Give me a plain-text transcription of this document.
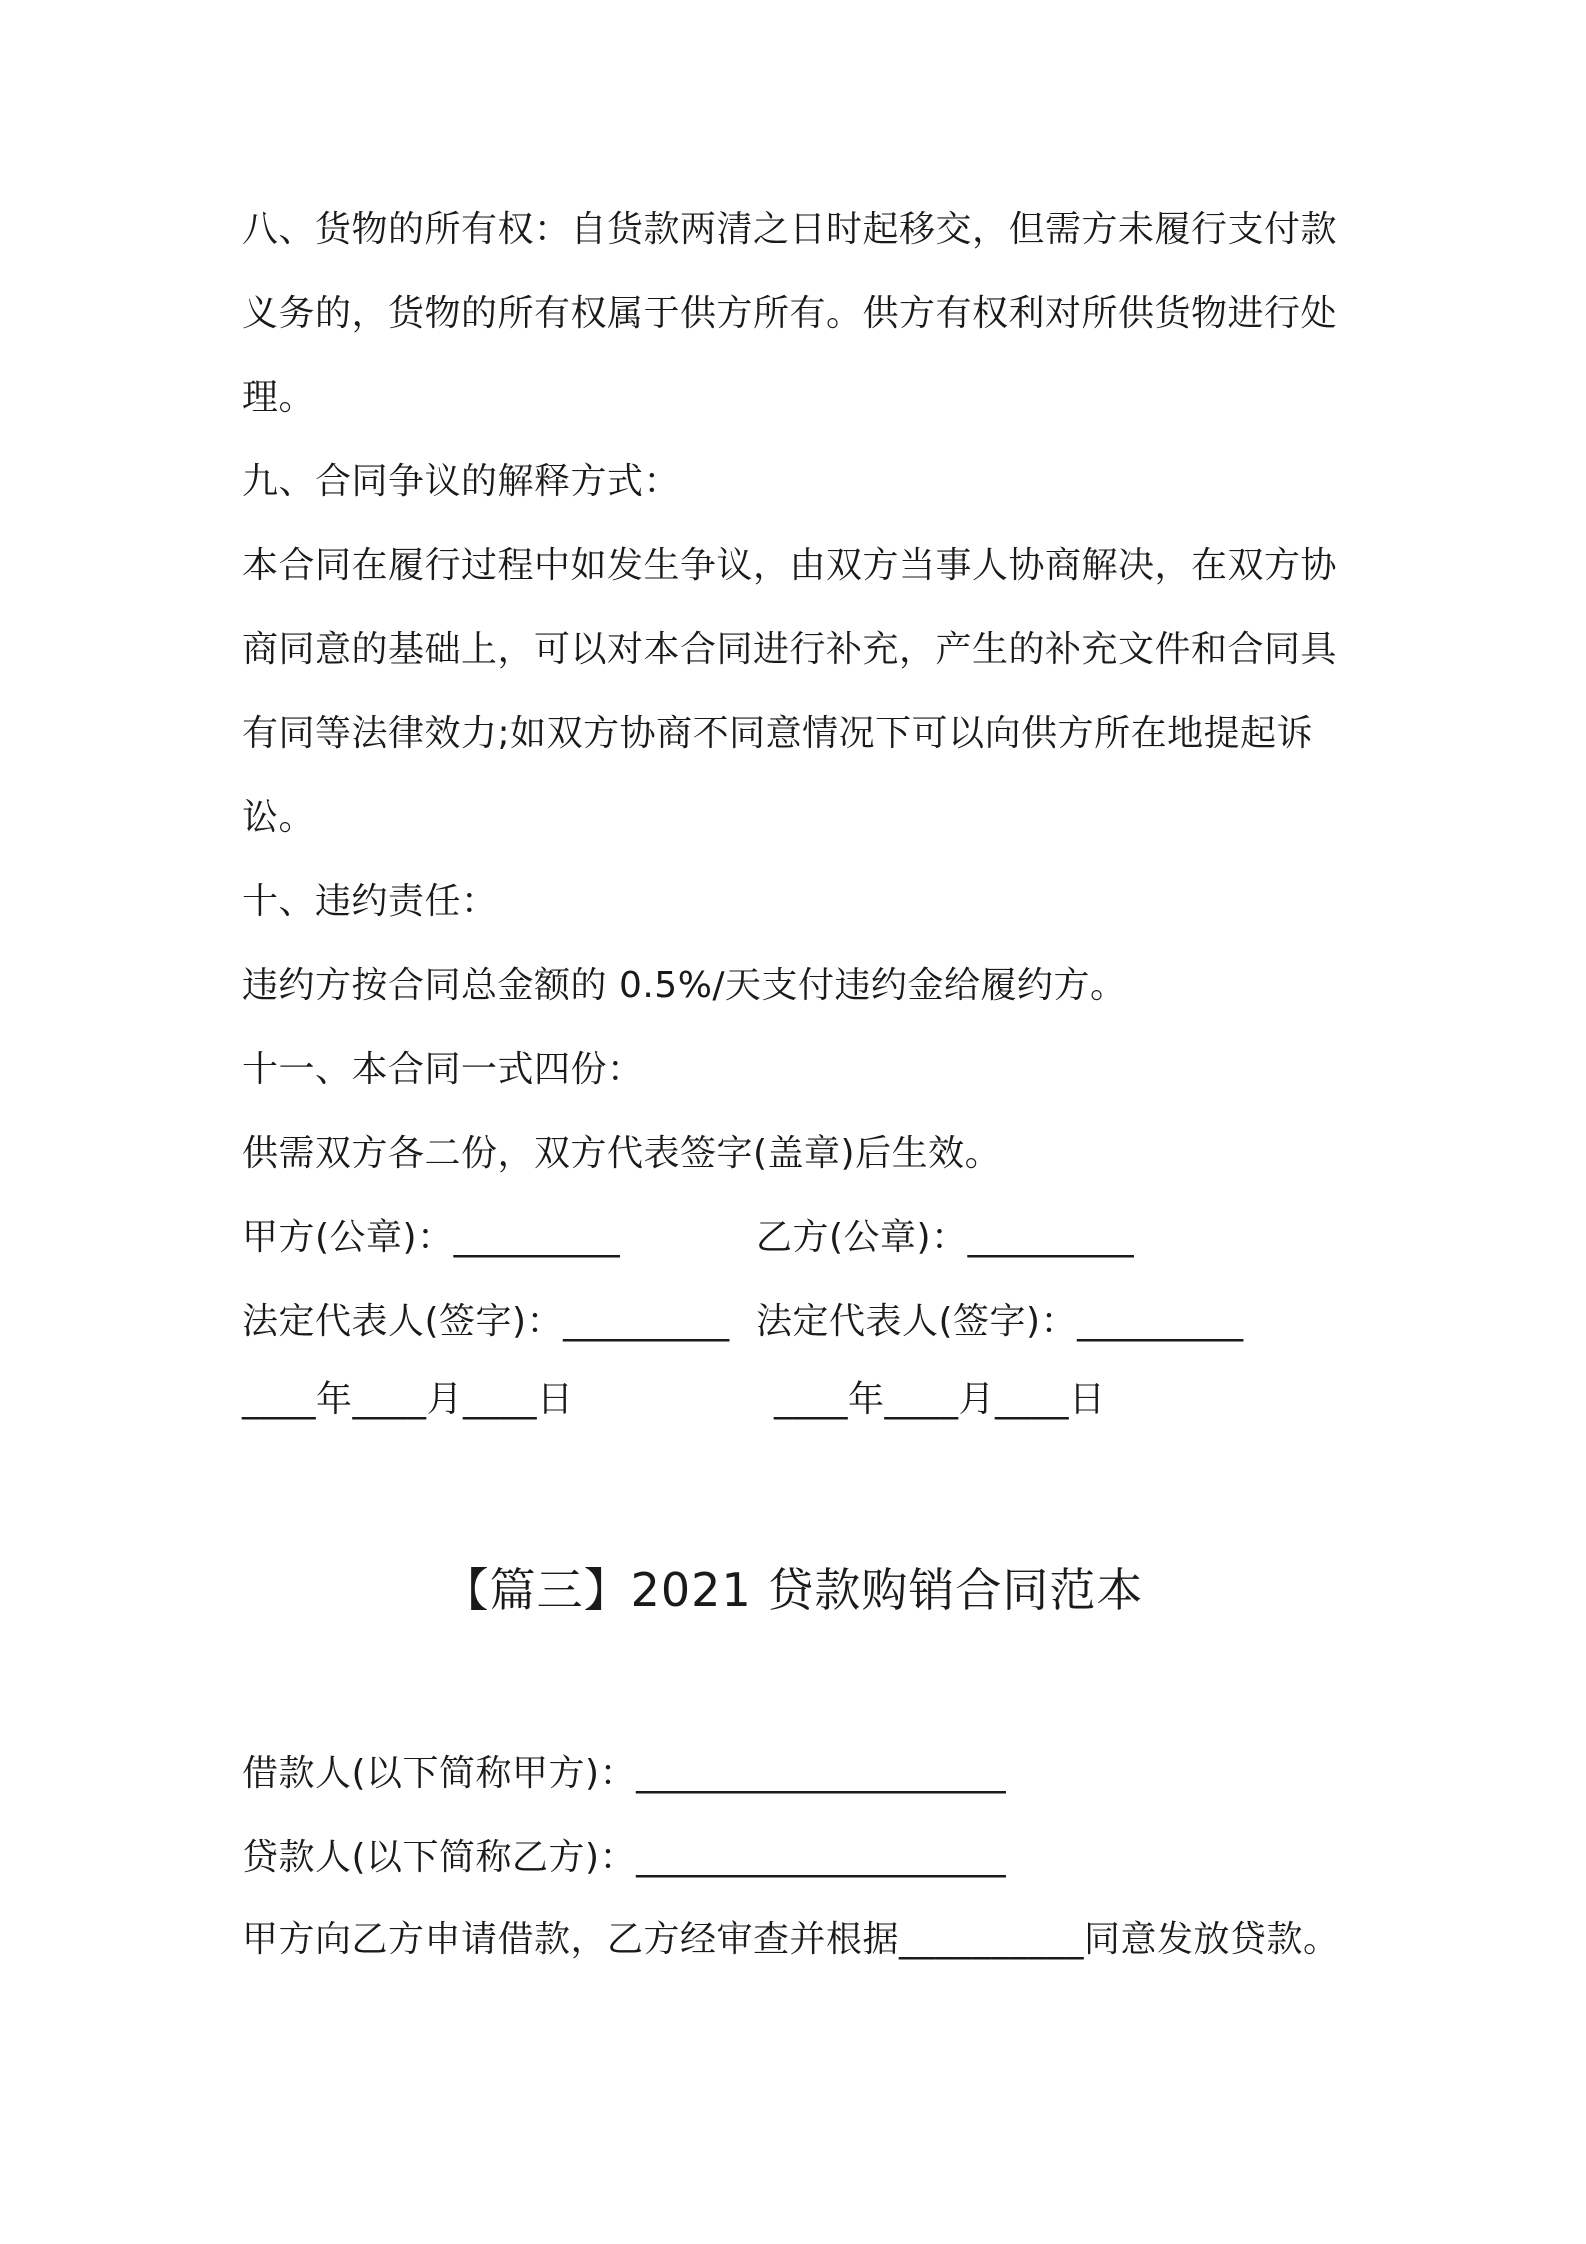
八、货物的所有权：自货款两清之日时起移交，但需方未履行支付款
义务的，货物的所有权属于供方所有。供方有权利对所供货物进行处
理。
九、合同争议的解释方式：
本合同在履行过程中如发生争议，由双方当事人协商解决，在双方协
商同意的基础上，可以对本合同进行补充，产生的补充文件和合同具
有同等法律效力;如双方协商不同意情况下可以向供方所在地提起诉
讼。
十、违约责任：
违约方按合同总金额的 0.5%/天支付违约金给履约方。
十一、本合同一式四份：
供需双方各二份，双方代表签字(盖章)后生效。
甲方(公章)：_________	乙方(公章)：_________
法定代表人(签字)：_________ 法定代表人(签字)：_________
____年____月____日	____年____月____日
【篇三】2021 贷款购销合同范本
借款人(以下简称甲方)：____________________
贷款人(以下简称乙方)：____________________
甲方向乙方申请借款，乙方经审查并根据__________同意发放贷款。
